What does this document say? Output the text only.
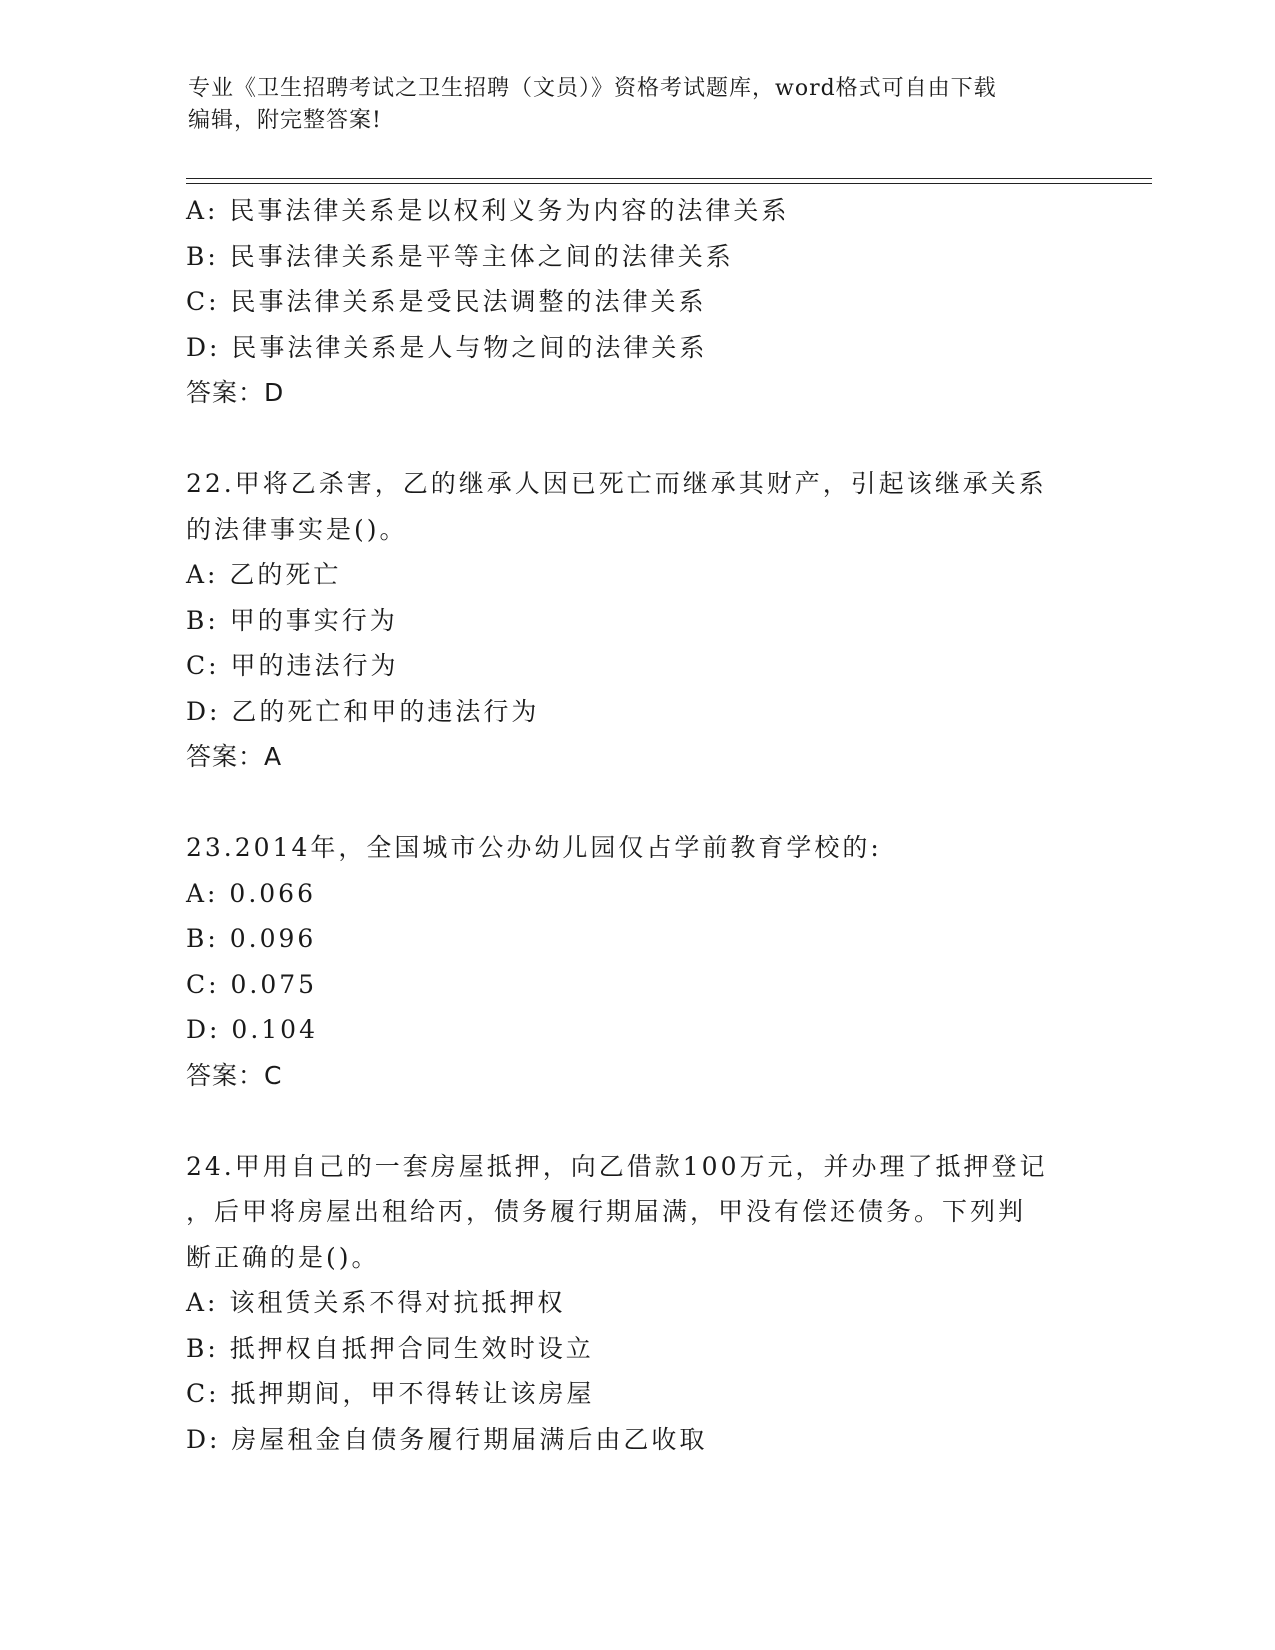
专业《卫生招聘考试之卫生招聘（文员）》资格考试题库，word格式可自由下载
编辑，附完整答案!
A: 民事法律关系是以权利义务为内容的法律关系
B: 民事法律关系是平等主体之间的法律关系
C: 民事法律关系是受民法调整的法律关系
D: 民事法律关系是人与物之间的法律关系
答案：D
22.甲将乙杀害，乙的继承人因已死亡而继承其财产，引起该继承关系
的法律事实是()。
A: 乙的死亡
B: 甲的事实行为
C: 甲的违法行为
D: 乙的死亡和甲的违法行为
答案：A
23.2014年，全国城市公办幼儿园仅占学前教育学校的:
A: 0.066
B: 0.096
C: 0.075
D: 0.104
答案：C
24.甲用自己的一套房屋抵押，向乙借款100万元，并办理了抵押登记
，后甲将房屋出租给丙，债务履行期届满，甲没有偿还债务。下列判
断正确的是()。
A: 该租赁关系不得对抗抵押权
B: 抵押权自抵押合同生效时设立
C: 抵押期间，甲不得转让该房屋
D: 房屋租金自债务履行期届满后由乙收取
